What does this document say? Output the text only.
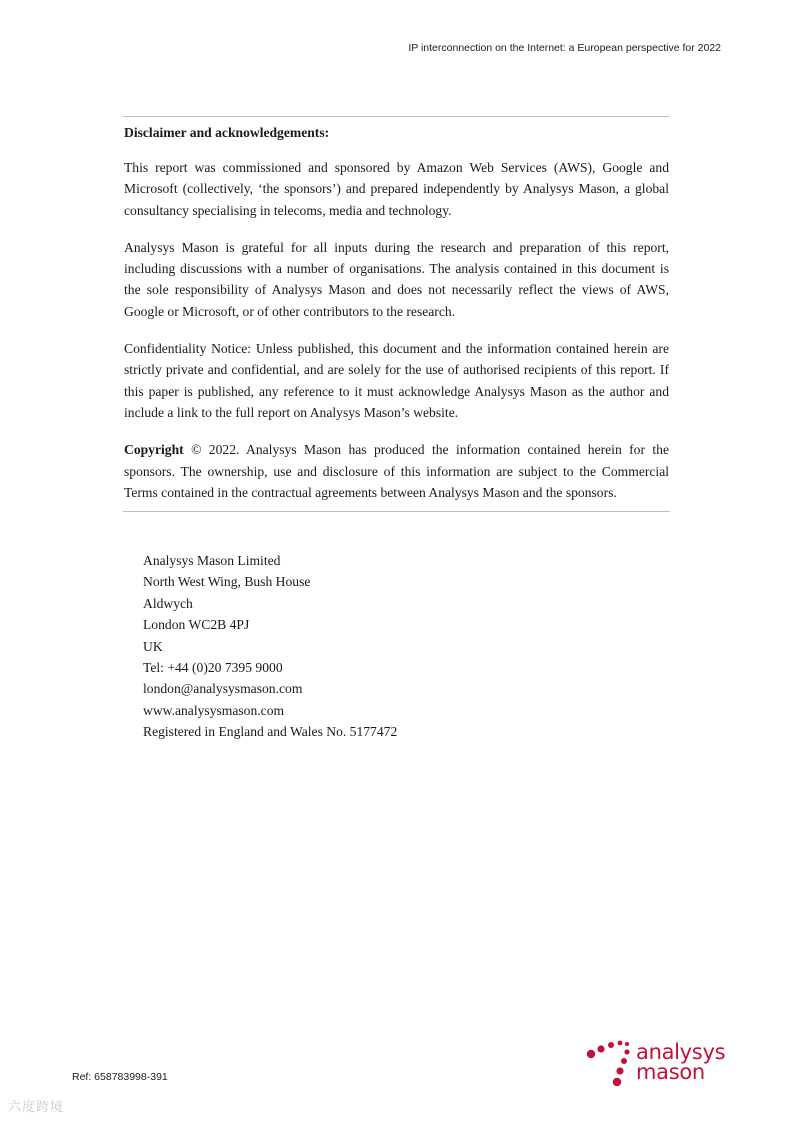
IP interconnection on the Internet: a European perspective for 2022
Disclaimer and acknowledgements:

This report was commissioned and sponsored by Amazon Web Services (AWS), Google and Microsoft (collectively, ‘the sponsors’) and prepared independently by Analysys Mason, a global consultancy specialising in telecoms, media and technology.

Analysys Mason is grateful for all inputs during the research and preparation of this report, including discussions with a number of organisations. The analysis contained in this document is the sole responsibility of Analysys Mason and does not necessarily reflect the views of AWS, Google or Microsoft, or of other contributors to the research.

Confidentiality Notice: Unless published, this document and the information contained herein are strictly private and confidential, and are solely for the use of authorised recipients of this report. If this paper is published, any reference to it must acknowledge Analysys Mason as the author and include a link to the full report on Analysys Mason’s website.

Copyright © 2022. Analysys Mason has produced the information contained herein for the sponsors. The ownership, use and disclosure of this information are subject to the Commercial Terms contained in the contractual agreements between Analysys Mason and the sponsors.

Analysys Mason Limited
North West Wing, Bush House
Aldwych
London WC2B 4PJ
UK
Tel: +44 (0)20 7395 9000
london@analysysmason.com
www.analysysmason.com
Registered in England and Wales No. 5177472
Ref: 658783998-391
analysys
mason
六度跨境
